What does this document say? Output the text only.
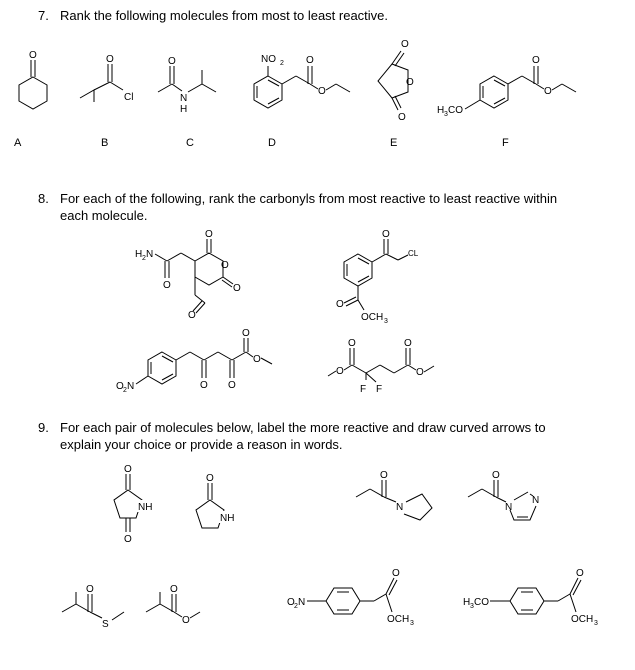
7. Rank the following molecules from most to least reactive.
A	B	C	D	E	F
8. For each of the following, rank the carbonyls from most reactive to least reactive within
each molecule.
9. For each pair of molecules below, label the more reactive and draw curved arrows to
explain your choice or provide a reason in words.
O	O
Cl
O
N
H
NO 2 O
O
O
O
O
H 3 CO
O
O
H 2 N
O
O
O
O
O
O
CL
O
OCH 3
O 2 N	O O
O
O
O
O
F F
O
O
O
O
NH
O
NH
O
N
O
N
N
O
S
O
O
O 2 N
O
OCH 3
H 3 CO
O
OCH 3
